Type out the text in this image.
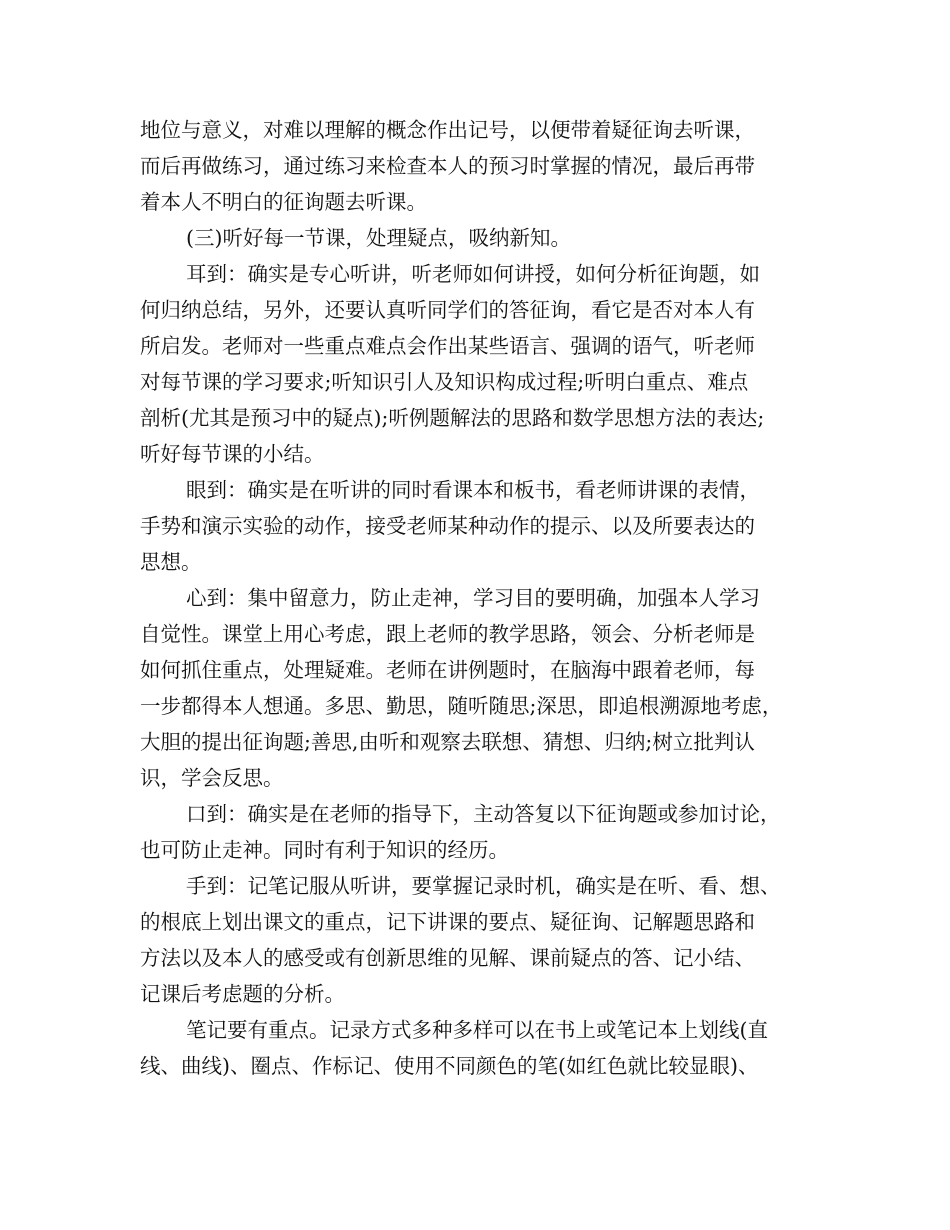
地位与意义，对难以理解的概念作出记号，以便带着疑征询去听课，
而后再做练习，通过练习来检查本人的预习时掌握的情况，最后再带
着本人不明白的征询题去听课。
(三)听好每一节课，处理疑点，吸纳新知。
耳到：确实是专心听讲，听老师如何讲授，如何分析征询题，如
何归纳总结，另外，还要认真听同学们的答征询，看它是否对本人有
所启发。老师对一些重点难点会作出某些语言、强调的语气，听老师
对每节课的学习要求;听知识引人及知识构成过程;听明白重点、难点
剖析(尤其是预习中的疑点);听例题解法的思路和数学思想方法的表达;
听好每节课的小结。
眼到：确实是在听讲的同时看课本和板书，看老师讲课的表情，
手势和演示实验的动作，接受老师某种动作的提示、以及所要表达的
思想。
心到：集中留意力，防止走神，学习目的要明确，加强本人学习
自觉性。课堂上用心考虑，跟上老师的教学思路，领会、分析老师是
如何抓住重点，处理疑难。老师在讲例题时，在脑海中跟着老师，每
一步都得本人想通。多思、勤思，随听随思;深思，即追根溯源地考虑，
大胆的提出征询题;善思,由听和观察去联想、猜想、归纳;树立批判认
识，学会反思。
口到：确实是在老师的指导下，主动答复以下征询题或参加讨论，
也可防止走神。同时有利于知识的经历。
手到：记笔记服从听讲，要掌握记录时机，确实是在听、看、想、
的根底上划出课文的重点，记下讲课的要点、疑征询、记解题思路和
方法以及本人的感受或有创新思维的见解、课前疑点的答、记小结、
记课后考虑题的分析。
笔记要有重点。记录方式多种多样可以在书上或笔记本上划线(直
线、曲线)、圈点、作标记、使用不同颜色的笔(如红色就比较显眼)、
